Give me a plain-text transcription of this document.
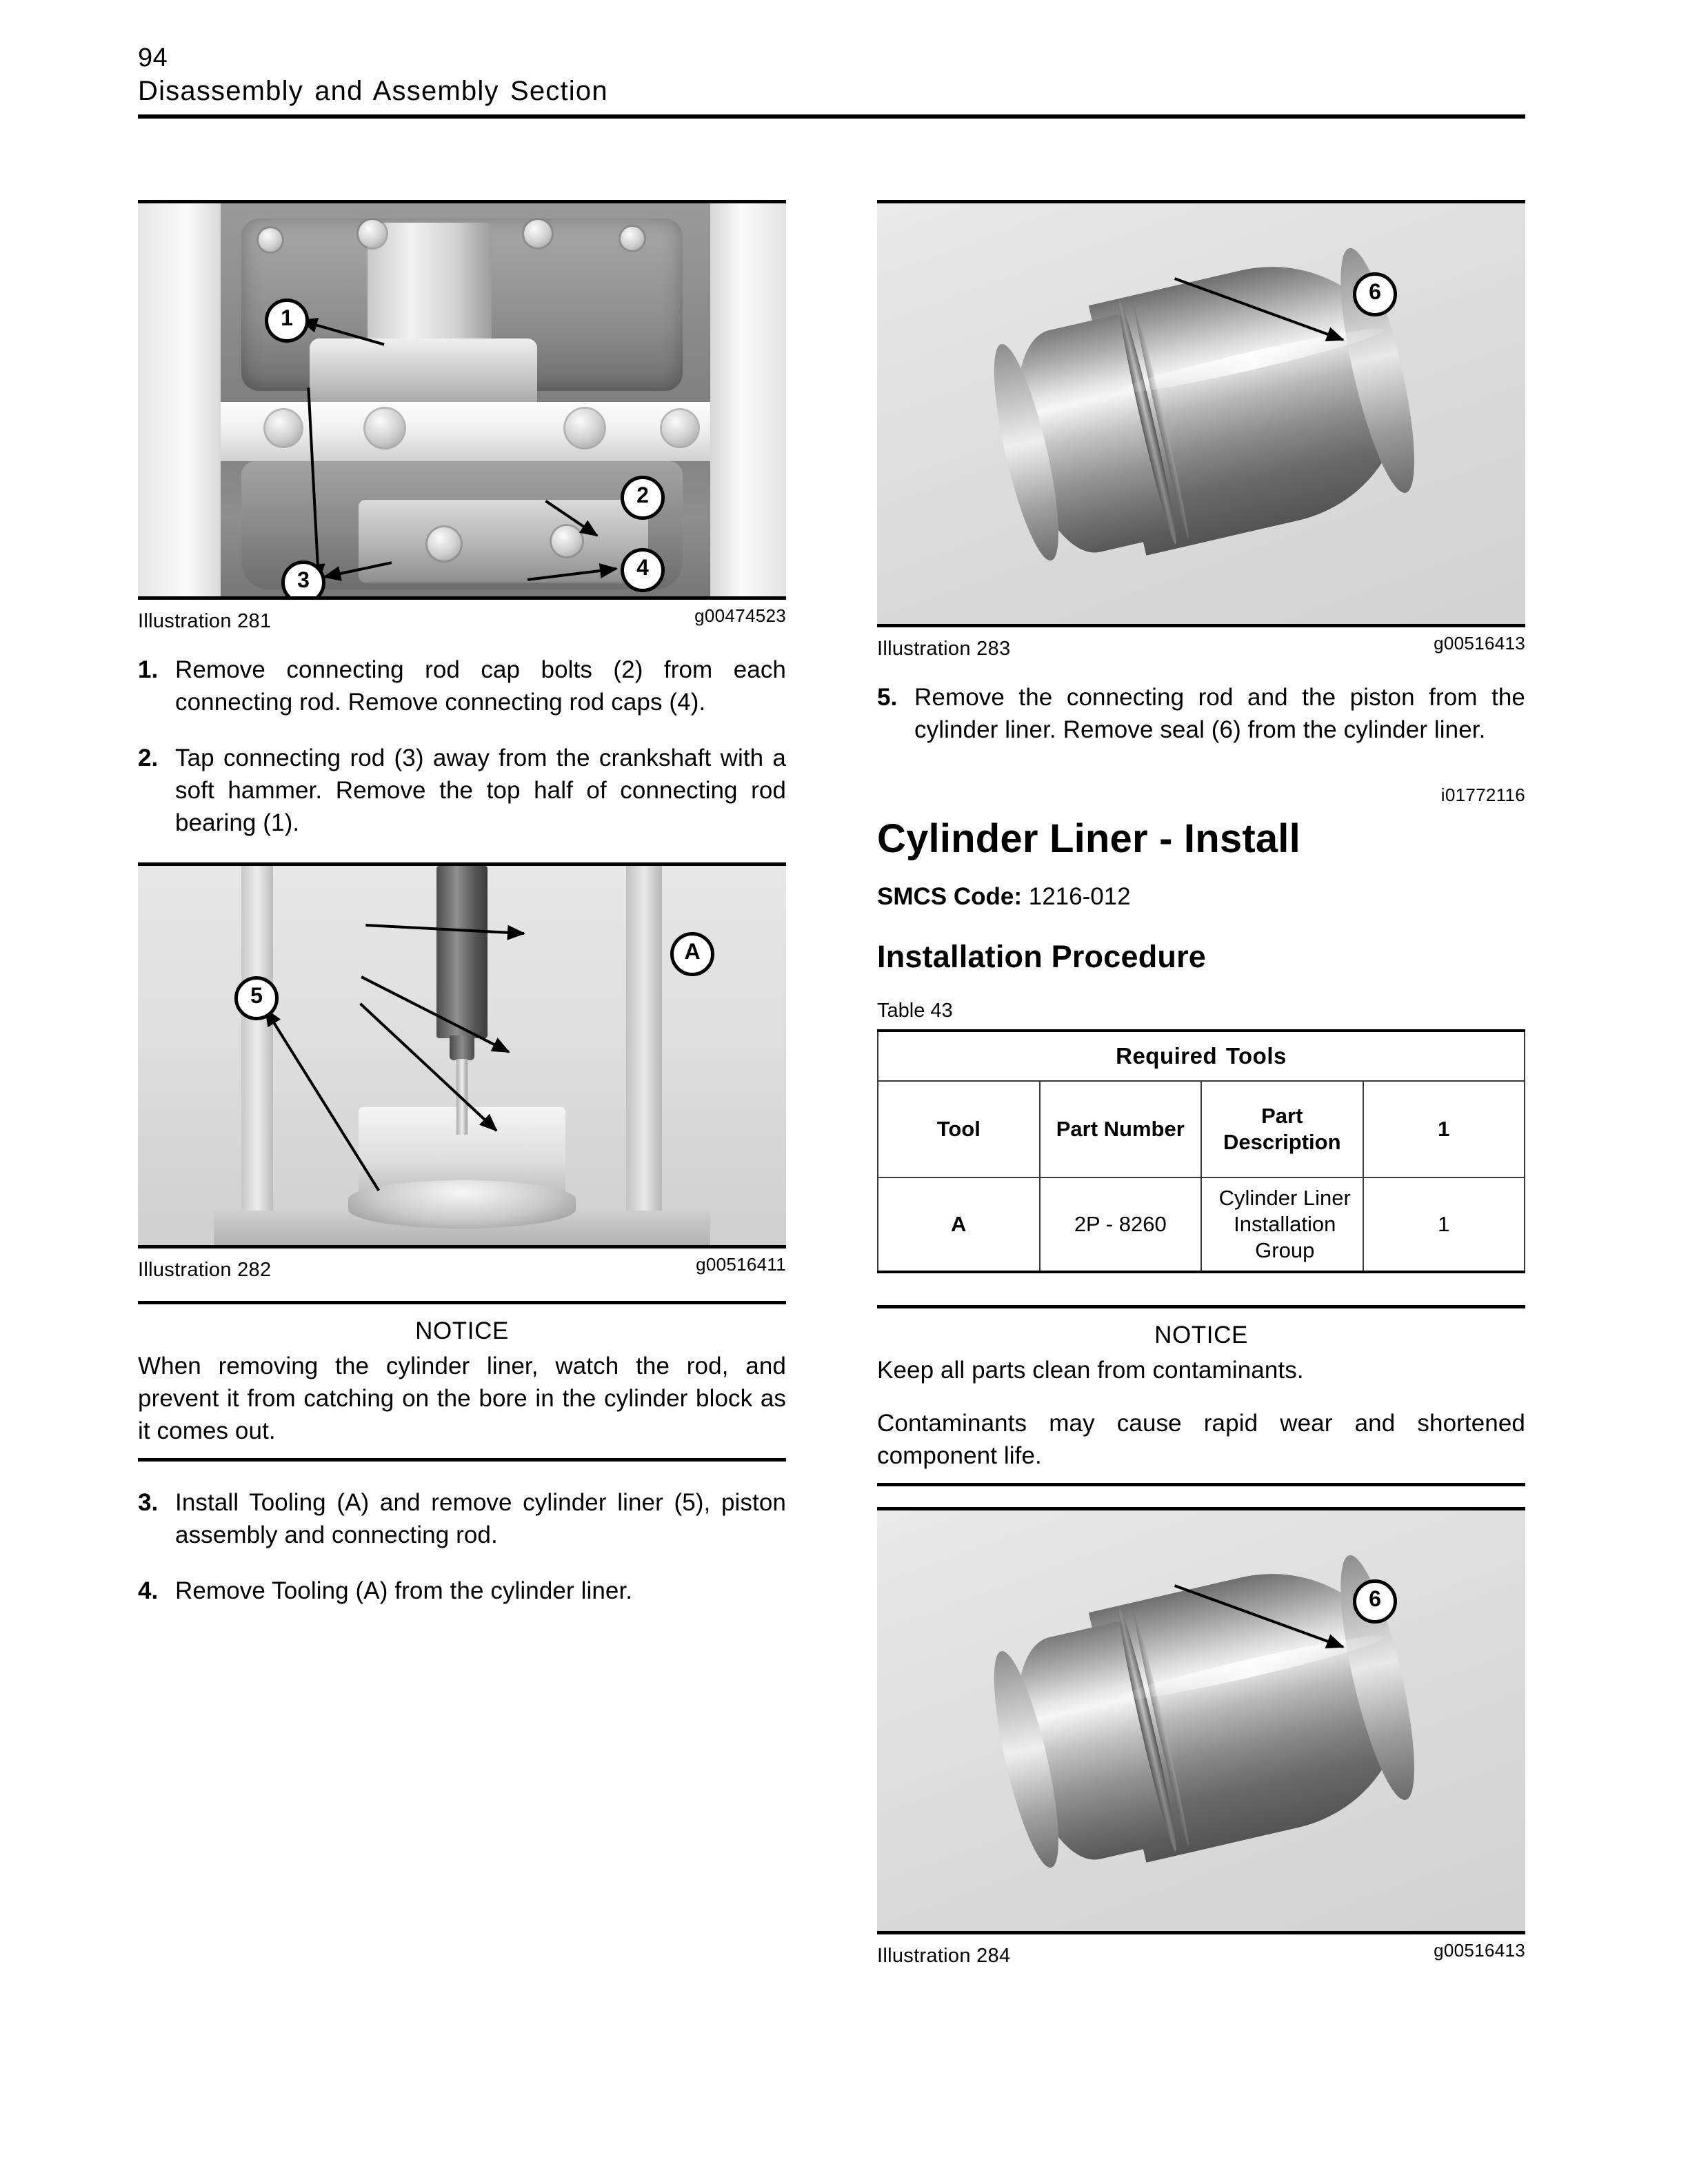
94
Disassembly and Assembly Section
1
3
2
4
Illustration 281	g00474523
1. Remove connecting rod cap bolts (2) from each connecting rod. Remove connecting rod caps (4).
2. Tap connecting rod (3) away from the crankshaft with a soft hammer. Remove the top half of connecting rod bearing (1).
A
5
Illustration 282	g00516411
NOTICE
When removing the cylinder liner, watch the rod, and prevent it from catching on the bore in the cylinder block as it comes out.
3. Install Tooling (A) and remove cylinder liner (5), piston assembly and connecting rod.
4. Remove Tooling (A) from the cylinder liner.
6
Illustration 283	g00516413
5. Remove the connecting rod and the piston from the cylinder liner. Remove seal (6) from the cylinder liner.
i01772116
Cylinder Liner - Install
SMCS Code: 1216-012
Installation Procedure
Table 43
Required Tools			
Tool	Part Number	Part Description	1
A	2P - 8260	Cylinder Liner Installation Group	1
NOTICE
Keep all parts clean from contaminants.
Contaminants may cause rapid wear and shortened component life.
6
Illustration 284	g00516413
